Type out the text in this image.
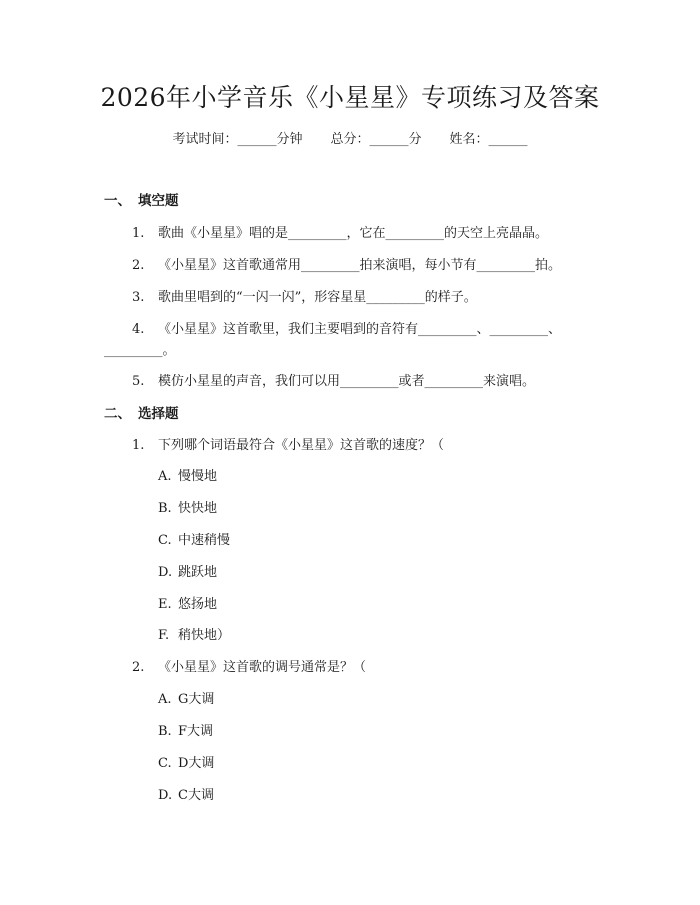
2026年小学音乐《小星星》专项练习及答案
考试时间：______分钟 总分：______分 姓名：______
一、 填空题
1. 歌曲《小星星》唱的是_________，它在_________的天空上亮晶晶。
2. 《小星星》这首歌通常用_________拍来演唱，每小节有_________拍。
3. 歌曲里唱到的“一闪一闪”，形容星星_________的样子。
4. 《小星星》这首歌里，我们主要唱到的音符有_________、_________、
_________。
5. 模仿小星星的声音，我们可以用_________或者_________来演唱。
二、 选择题
1. 下列哪个词语最符合《小星星》这首歌的速度？（
A. 慢慢地
B. 快快地
C. 中速稍慢
D. 跳跃地
E. 悠扬地
F. 稍快地）
2. 《小星星》这首歌的调号通常是？（
A. G大调
B. F大调
C. D大调
D. C大调
